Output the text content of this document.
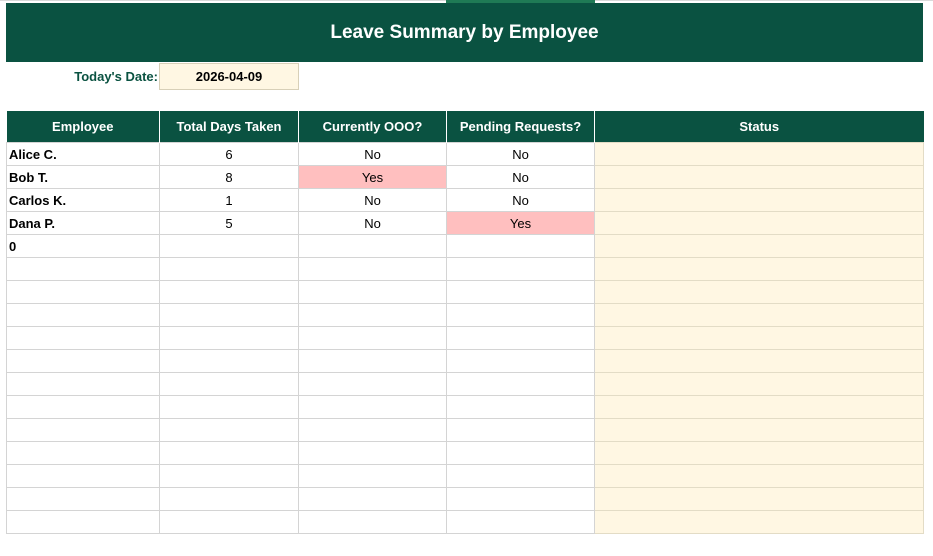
Leave Summary by Employee
Today's Date:	2026-04-09
Employee	Total Days Taken	Currently OOO?	Pending Requests?	Status
Alice C.	6	No	No	
Bob T.	8	Yes	No	
Carlos K.	1	No	No	
Dana P.	5	No	Yes	
0				
